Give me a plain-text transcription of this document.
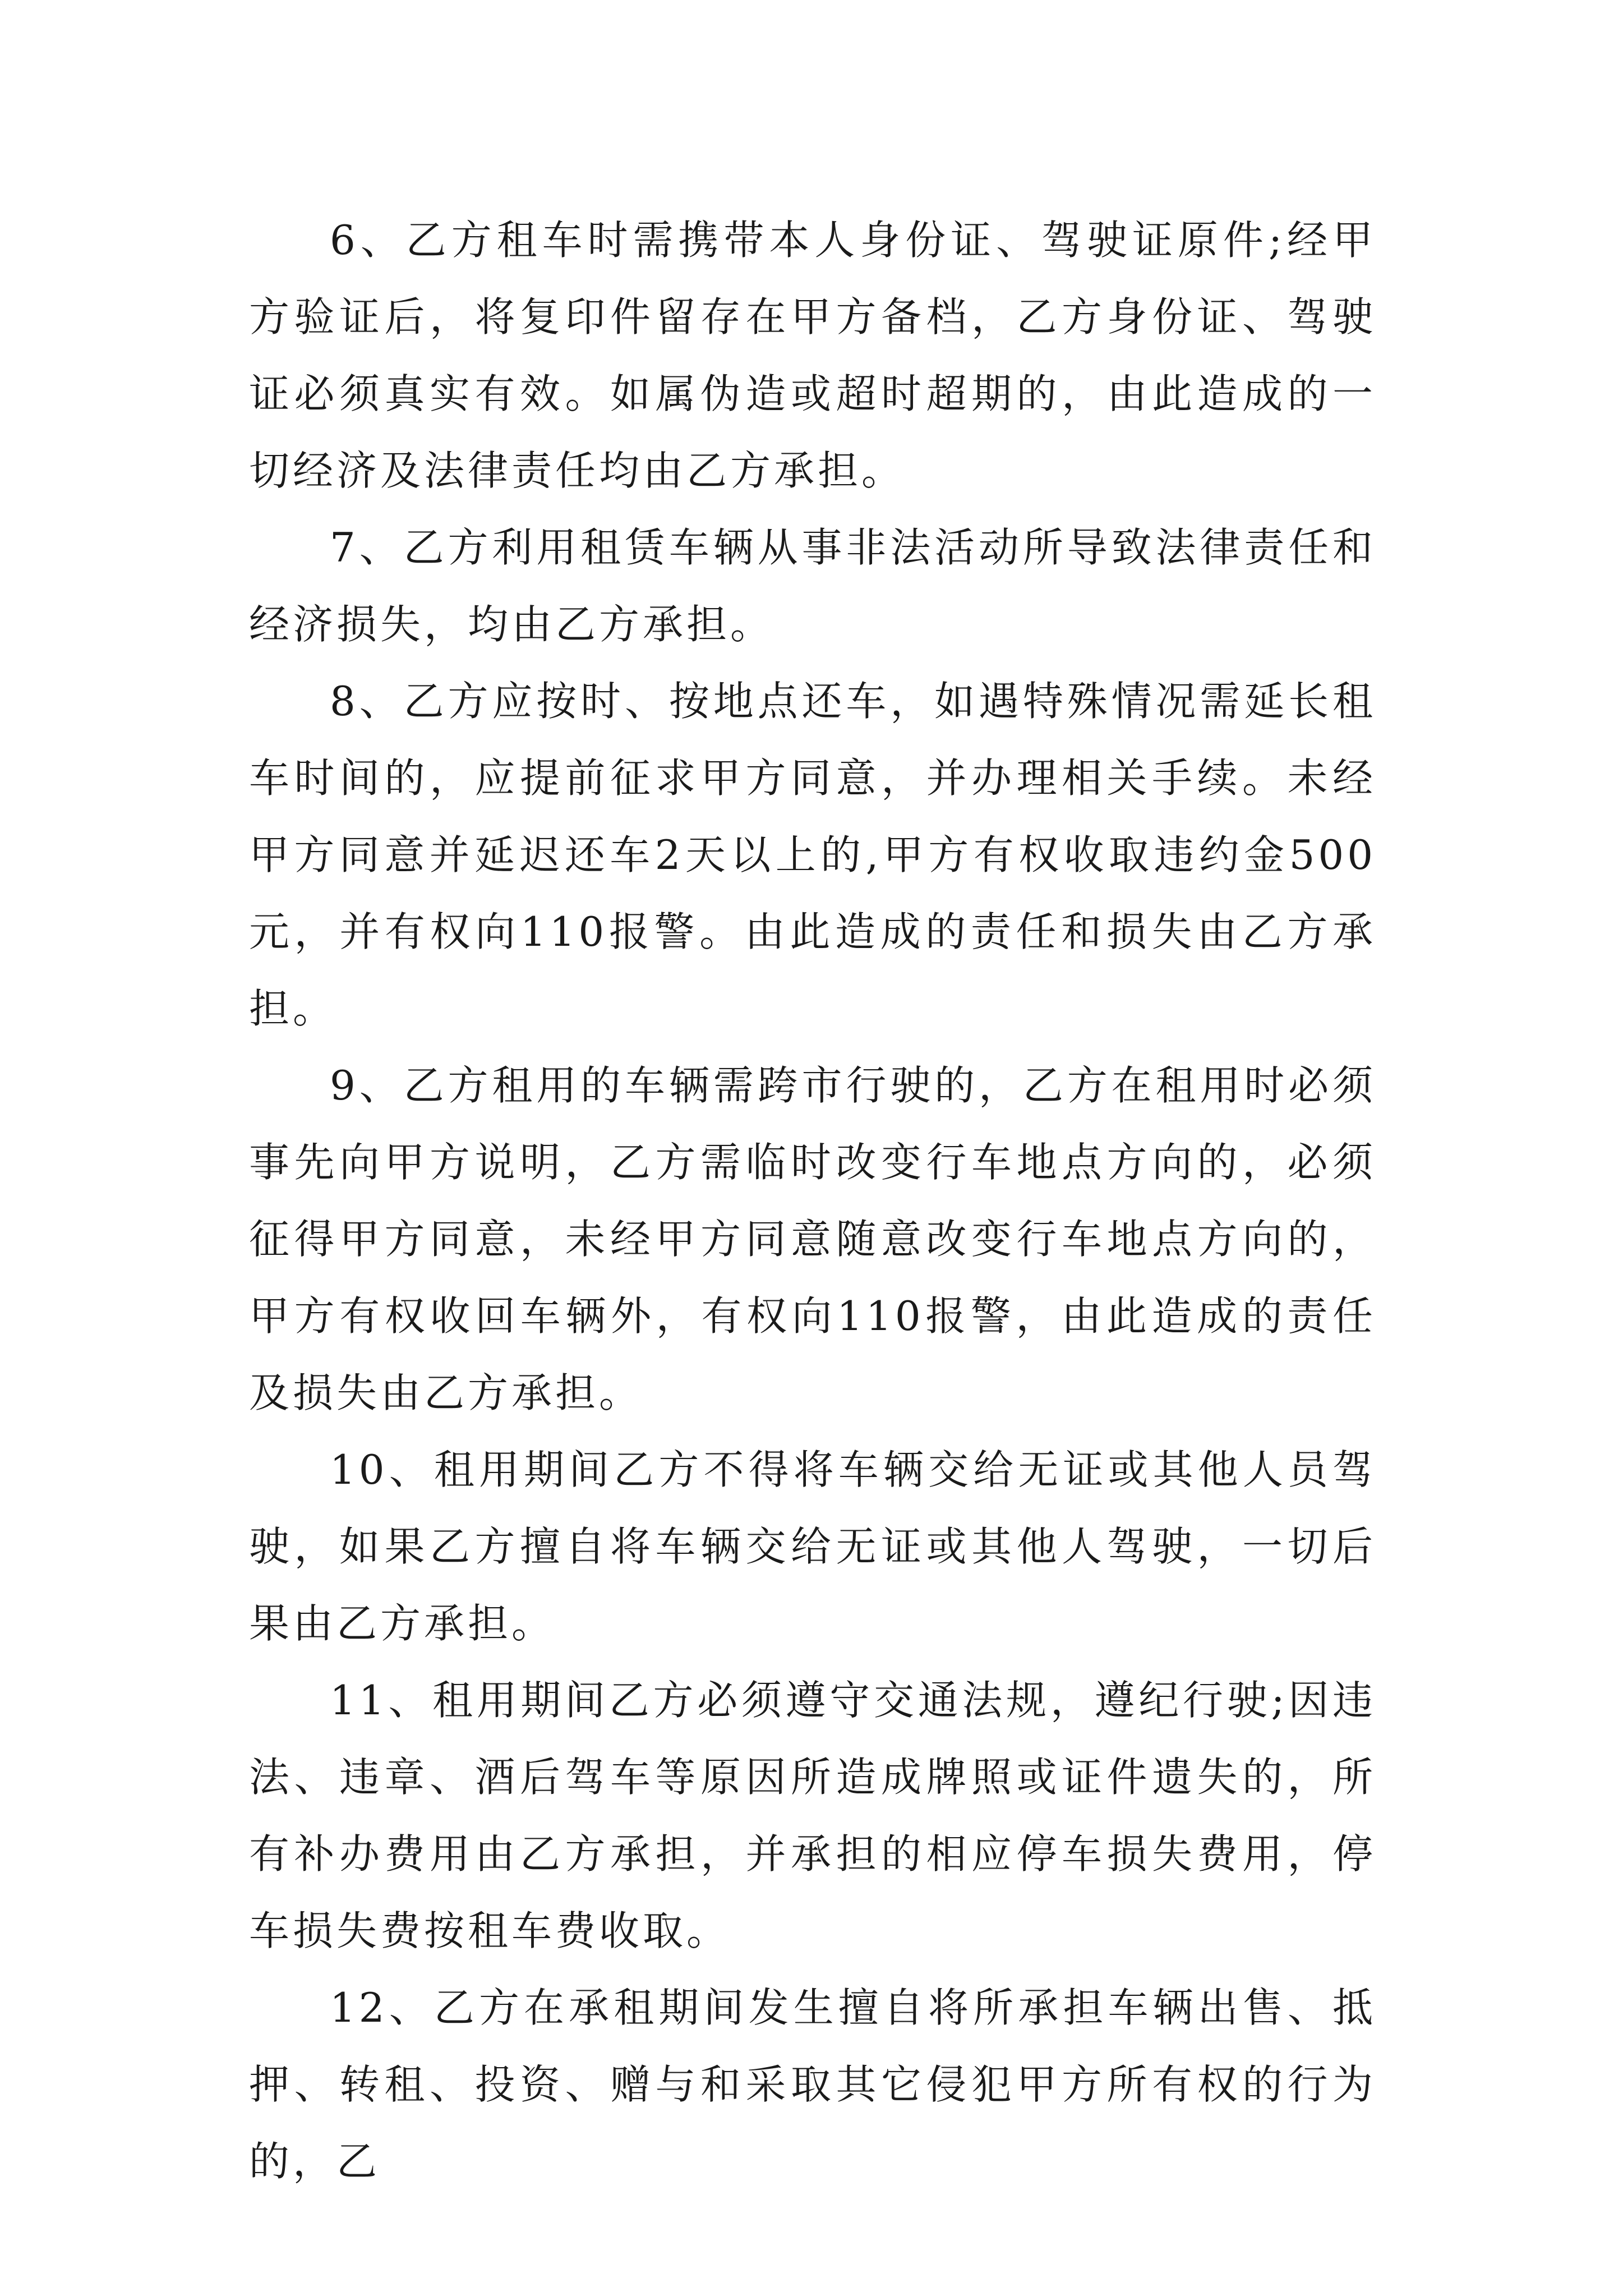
6、乙方租车时需携带本人身份证、驾驶证原件;经甲方验证后，将复印件留存在甲方备档，乙方身份证、驾驶证必须真实有效。如属伪造或超时超期的，由此造成的一切经济及法律责任均由乙方承担。

7、乙方利用租赁车辆从事非法活动所导致法律责任和经济损失，均由乙方承担。

8、乙方应按时、按地点还车，如遇特殊情况需延长租车时间的，应提前征求甲方同意，并办理相关手续。未经甲方同意并延迟还车2天以上的,甲方有权收取违约金500元，并有权向110报警。由此造成的责任和损失由乙方承担。

9、乙方租用的车辆需跨市行驶的，乙方在租用时必须事先向甲方说明，乙方需临时改变行车地点方向的，必须征得甲方同意，未经甲方同意随意改变行车地点方向的，甲方有权收回车辆外，有权向110报警，由此造成的责任及损失由乙方承担。

10、租用期间乙方不得将车辆交给无证或其他人员驾驶，如果乙方擅自将车辆交给无证或其他人驾驶，一切后果由乙方承担。

11、租用期间乙方必须遵守交通法规，遵纪行驶;因违法、违章、酒后驾车等原因所造成牌照或证件遗失的，所有补办费用由乙方承担，并承担的相应停车损失费用，停车损失费按租车费收取。

12、乙方在承租期间发生擅自将所承担车辆出售、抵押、转租、投资、赠与和采取其它侵犯甲方所有权的行为的，乙
